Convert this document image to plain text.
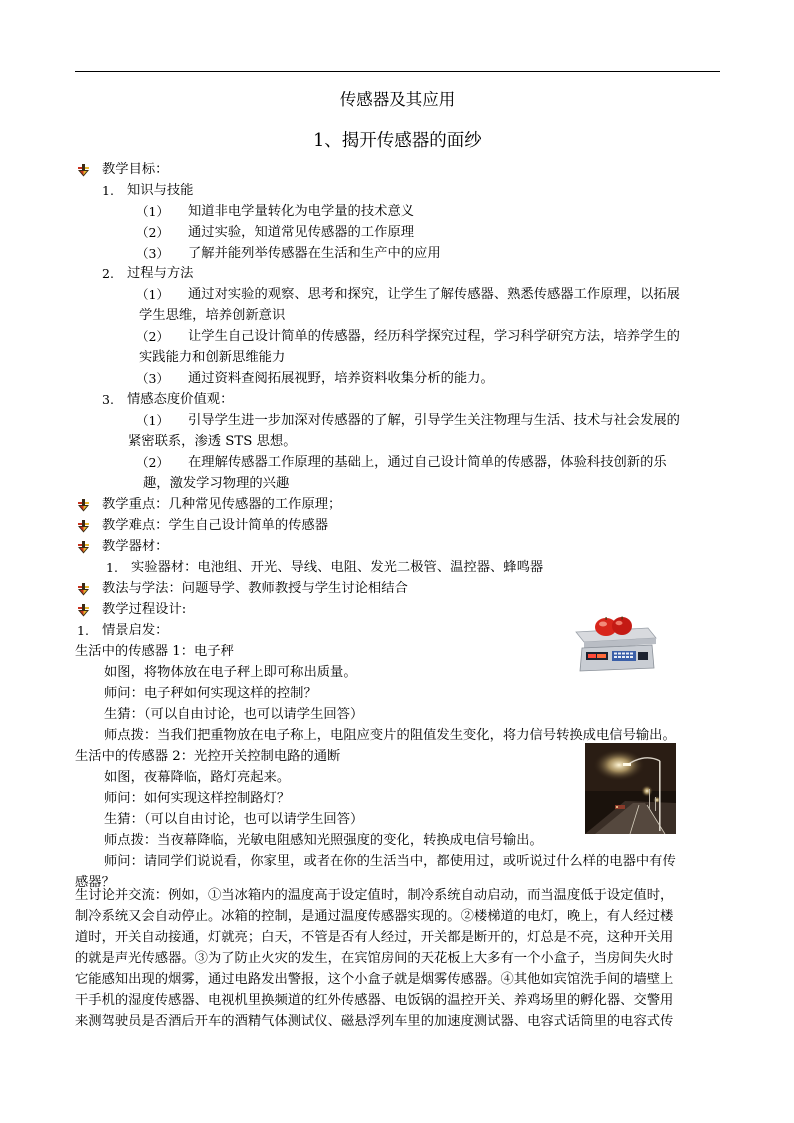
传感器及其应用
1、揭开传感器的面纱
教学目标：
1. 知识与技能
（1） 知道非电学量转化为电学量的技术意义
（2） 通过实验，知道常见传感器的工作原理
（3） 了解并能列举传感器在生活和生产中的应用
2. 过程与方法
（1） 通过对实验的观察、思考和探究，让学生了解传感器、熟悉传感器工作原理，以拓展
学生思维，培养创新意识
（2） 让学生自己设计简单的传感器，经历科学探究过程，学习科学研究方法，培养学生的
实践能力和创新思维能力
（3） 通过资料查阅拓展视野，培养资料收集分析的能力。
3. 情感态度价值观：
（1） 引导学生进一步加深对传感器的了解，引导学生关注物理与生活、技术与社会发展的
紧密联系，渗透 STS 思想。
（2） 在理解传感器工作原理的基础上，通过自己设计简单的传感器，体验科技创新的乐
趣，激发学习物理的兴趣
教学重点：几种常见传感器的工作原理；
教学难点：学生自己设计简单的传感器
教学器材：
1. 实验器材：电池组、开光、导线、电阻、发光二极管、温控器、蜂鸣器
教法与学法：问题导学、教师教授与学生讨论相结合
教学过程设计:
1. 情景启发：
生活中的传感器 1：电子秤
如图，将物体放在电子秤上即可称出质量。
师问：电子秤如何实现这样的控制？
生猜：（可以自由讨论，也可以请学生回答）
师点拨：当我们把重物放在电子称上，电阻应变片的阻值发生变化，将力信号转换成电信号输出。
生活中的传感器 2：光控开关控制电路的通断
如图，夜幕降临，路灯亮起来。
师问：如何实现这样控制路灯？
生猜：（可以自由讨论，也可以请学生回答）
师点拨：当夜幕降临，光敏电阻感知光照强度的变化，转换成电信号输出。
师问：请同学们说说看，你家里，或者在你的生活当中，都使用过，或听说过什么样的电器中有传
感器？
生讨论并交流：例如，①当冰箱内的温度高于设定值时，制冷系统自动启动，而当温度低于设定值时，
制冷系统又会自动停止。冰箱的控制，是通过温度传感器实现的。②楼梯道的电灯，晚上，有人经过楼
道时，开关自动接通，灯就亮；白天，不管是否有人经过，开关都是断开的，灯总是不亮，这种开关用
的就是声光传感器。③为了防止火灾的发生，在宾馆房间的天花板上大多有一个小盒子，当房间失火时
它能感知出现的烟雾，通过电路发出警报，这个小盒子就是烟雾传感器。④其他如宾馆洗手间的墙壁上
干手机的湿度传感器、电视机里换频道的红外传感器、电饭锅的温控开关、养鸡场里的孵化器、交警用
来测驾驶员是否酒后开车的酒精气体测试仪、磁悬浮列车里的加速度测试器、电容式话筒里的电容式传
